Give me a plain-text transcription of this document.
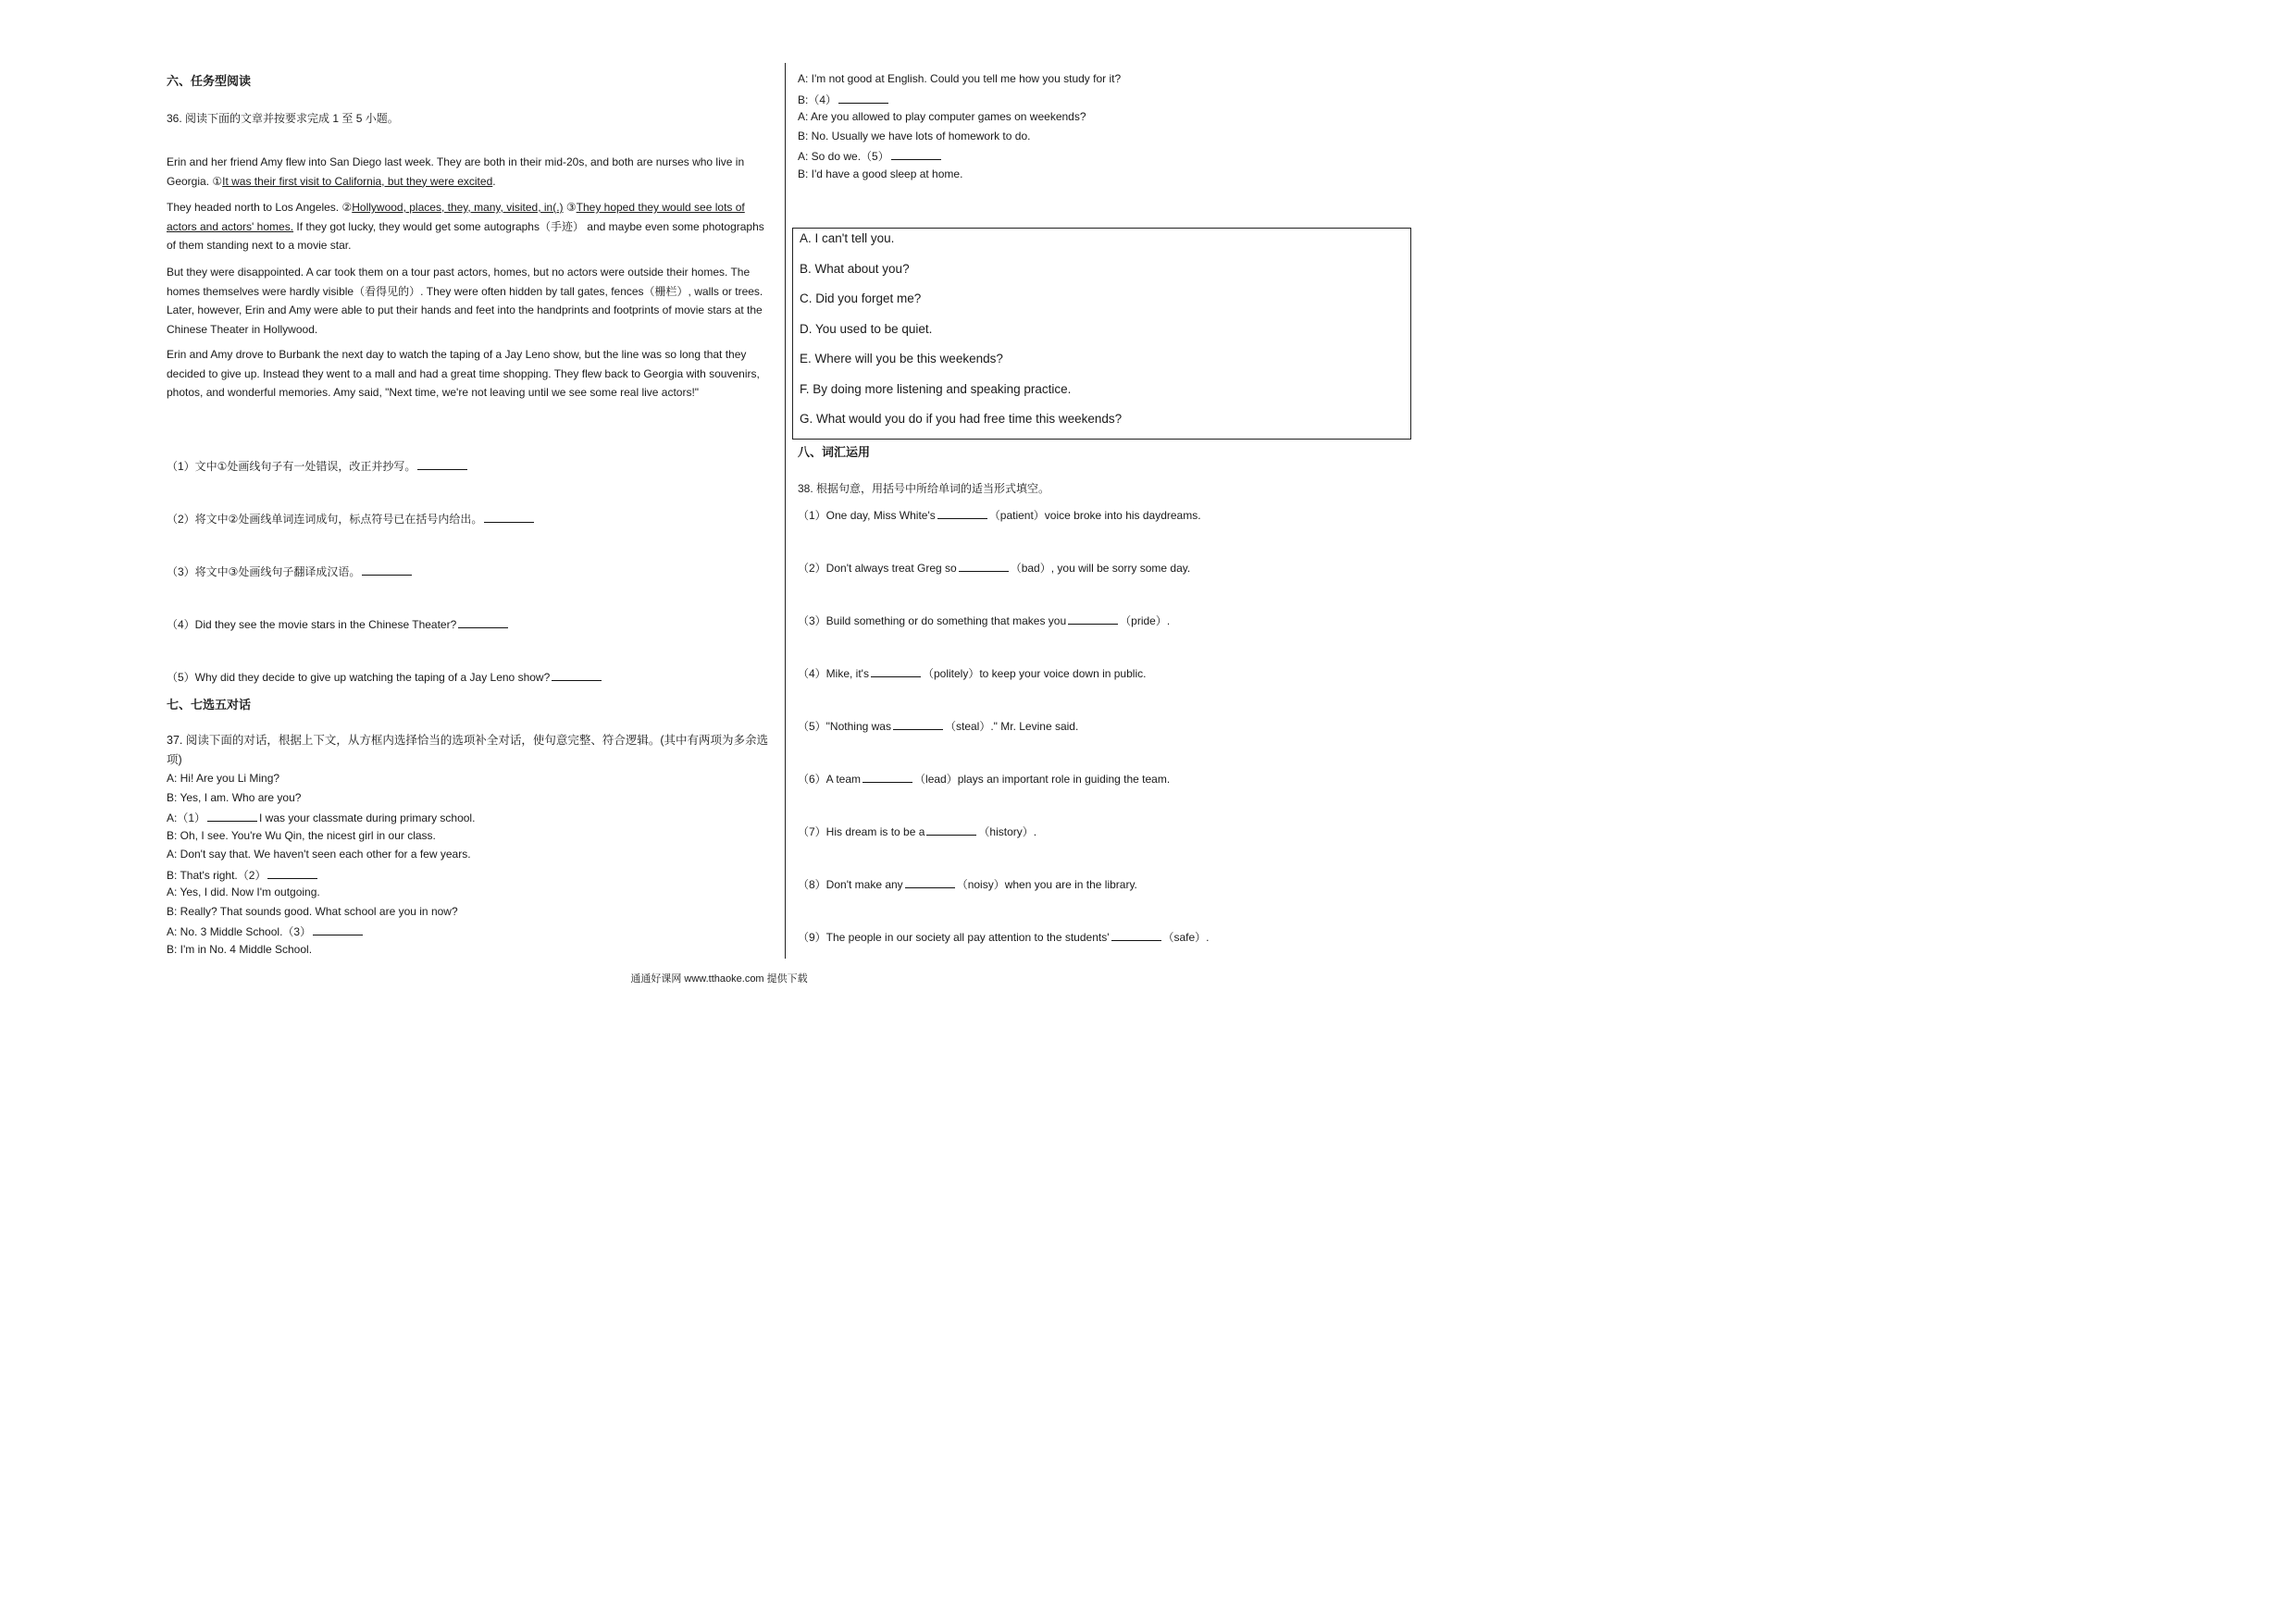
六、任务型阅读
36. 阅读下面的文章并按要求完成 1 至 5 小题。
Erin and her friend Amy flew into San Diego last week. They are both in their mid-20s, and both are nurses who live in Georgia. ①It was their first visit to California, but they were excited.
They headed north to Los Angeles. ②Hollywood, places, they, many, visited, in(.) ③They hoped they would see lots of actors and actors' homes. If they got lucky, they would get some autographs（手迹） and maybe even some photographs of them standing next to a movie star.
But they were disappointed. A car took them on a tour past actors, homes, but no actors were outside their homes. The homes themselves were hardly visible（看得见的）. They were often hidden by tall gates, fences（栅栏）, walls or trees. Later, however, Erin and Amy were able to put their hands and feet into the handprints and footprints of movie stars at the Chinese Theater in Hollywood.
Erin and Amy drove to Burbank the next day to watch the taping of a Jay Leno show, but the line was so long that they decided to give up. Instead they went to a mall and had a great time shopping. They flew back to Georgia with souvenirs, photos, and wonderful memories. Amy said, "Next time, we're not leaving until we see some real live actors!"
（1）文中①处画线句子有一处错误，改正并抄写。
（2）将文中②处画线单词连词成句，标点符号已在括号内给出。
（3）将文中③处画线句子翻译成汉语。
（4）Did they see the movie stars in the Chinese Theater?
（5）Why did they decide to give up watching the taping of a Jay Leno show?
七、七选五对话
37. 阅读下面的对话，根据上下文，从方框内选择恰当的选项补全对话，使句意完整、符合逻辑。(其中有两项为多余选项)
A: Hi! Are you Li Ming?
B: Yes, I am. Who are you?
A:（1）	I was your classmate during primary school.
B: Oh, I see. You're Wu Qin, the nicest girl in our class.
A: Don't say that. We haven't seen each other for a few years.
B: That's right.（2）
A: Yes, I did. Now I'm outgoing.
B: Really? That sounds good. What school are you in now?
A: No. 3 Middle School.（3）
B: I'm in No. 4 Middle School.
A: I'm not good at English. Could you tell me how you study for it?
B:（4）
A: Are you allowed to play computer games on weekends?
B: No. Usually we have lots of homework to do.
A: So do we.（5）
B: I'd have a good sleep at home.
A. I can't tell you.
B. What about you?
C. Did you forget me?
D. You used to be quiet.
E. Where will you be this weekends?
F. By doing more listening and speaking practice.
G. What would you do if you had free time this weekends?
八、词汇运用
38. 根据句意，用括号中所给单词的适当形式填空。
（1）One day, Miss White's	（patient）voice broke into his daydreams.
（2）Don't always treat Greg so	（bad）, you will be sorry some day.
（3）Build something or do something that makes you	（pride）.
（4）Mike, it's	（politely）to keep your voice down in public.
（5）"Nothing was	（steal）." Mr. Levine said.
（6）A team	（lead）plays an important role in guiding the team.
（7）His dream is to be a	（history）.
（8）Don't make any	（noisy）when you are in the library.
（9）The people in our society all pay attention to the students'	（safe）.
通通好课网 www.tthaoke.com 提供下载
